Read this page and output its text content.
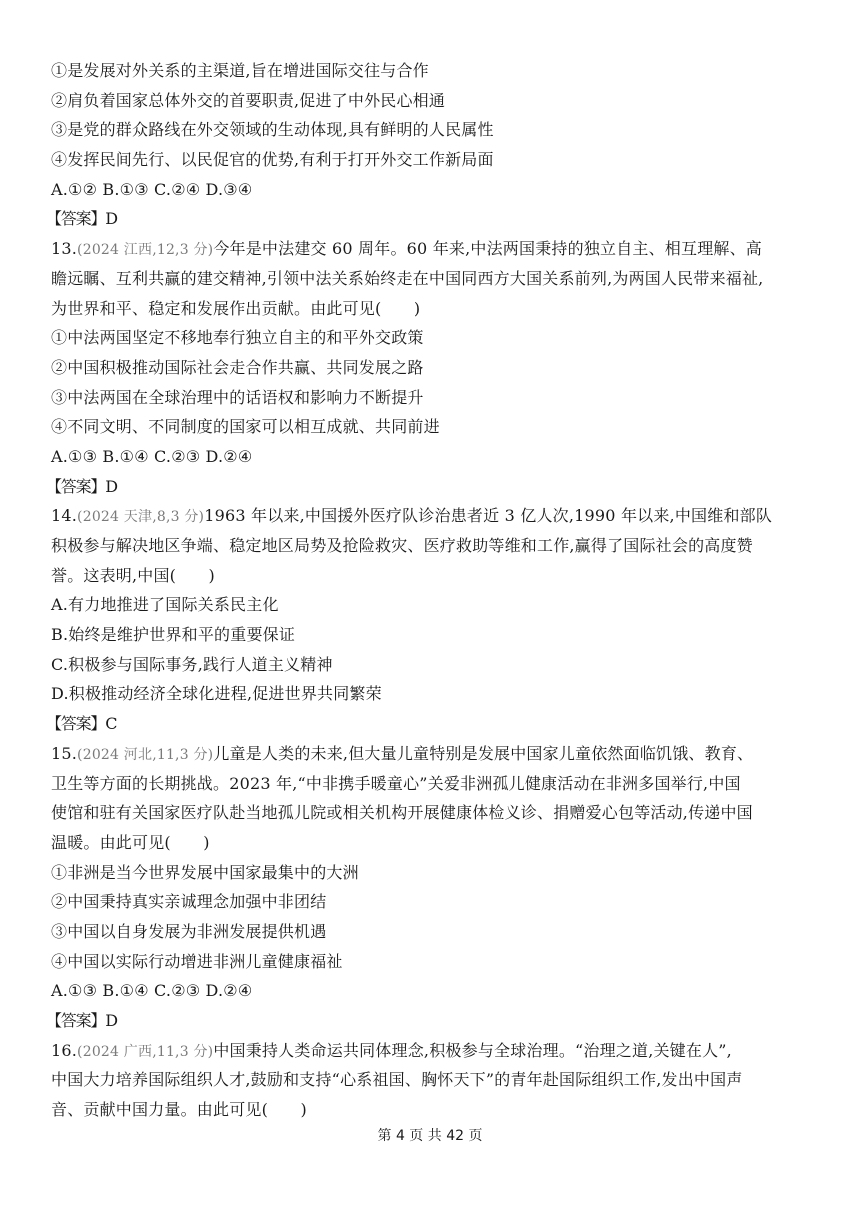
①是发展对外关系的主渠道,旨在增进国际交往与合作
②肩负着国家总体外交的首要职责,促进了中外民心相通
③是党的群众路线在外交领域的生动体现,具有鲜明的人民属性
④发挥民间先行、以民促官的优势,有利于打开外交工作新局面
A.①② B.①③ C.②④ D.③④
【答案】D
13.(2024 江西,12,3 分)今年是中法建交 60 周年。60 年来,中法两国秉持的独立自主、相互理解、高
瞻远瞩、互利共赢的建交精神,引领中法关系始终走在中国同西方大国关系前列,为两国人民带来福祉,
为世界和平、稳定和发展作出贡献。由此可见(　　)
①中法两国坚定不移地奉行独立自主的和平外交政策
②中国积极推动国际社会走合作共赢、共同发展之路
③中法两国在全球治理中的话语权和影响力不断提升
④不同文明、不同制度的国家可以相互成就、共同前进
A.①③ B.①④ C.②③ D.②④
【答案】D
14.(2024 天津,8,3 分)1963 年以来,中国援外医疗队诊治患者近 3 亿人次,1990 年以来,中国维和部队
积极参与解决地区争端、稳定地区局势及抢险救灾、医疗救助等维和工作,赢得了国际社会的高度赞
誉。这表明,中国(　　)
A.有力地推进了国际关系民主化
B.始终是维护世界和平的重要保证
C.积极参与国际事务,践行人道主义精神
D.积极推动经济全球化进程,促进世界共同繁荣
【答案】C
15.(2024 河北,11,3 分)儿童是人类的未来,但大量儿童特别是发展中国家儿童依然面临饥饿、教育、
卫生等方面的长期挑战。2023 年,“中非携手暖童心”关爱非洲孤儿健康活动在非洲多国举行,中国
使馆和驻有关国家医疗队赴当地孤儿院或相关机构开展健康体检义诊、捐赠爱心包等活动,传递中国
温暖。由此可见(　　)
①非洲是当今世界发展中国家最集中的大洲
②中国秉持真实亲诚理念加强中非团结
③中国以自身发展为非洲发展提供机遇
④中国以实际行动增进非洲儿童健康福祉
A.①③ B.①④ C.②③ D.②④
【答案】D
16.(2024 广西,11,3 分)中国秉持人类命运共同体理念,积极参与全球治理。“治理之道,关键在人”,
中国大力培养国际组织人才,鼓励和支持“心系祖国、胸怀天下”的青年赴国际组织工作,发出中国声
音、贡献中国力量。由此可见(　　)
第 4 页 共 42 页
